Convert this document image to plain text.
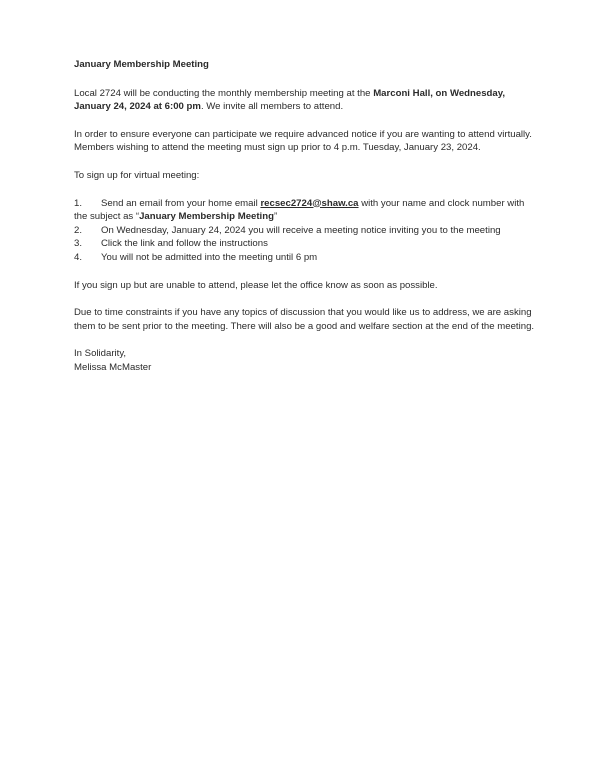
January Membership Meeting

Local 2724 will be conducting the monthly membership meeting at the Marconi Hall, on Wednesday, January 24, 2024 at 6:00 pm. We invite all members to attend.

In order to ensure everyone can participate we require advanced notice if you are wanting to attend virtually. Members wishing to attend the meeting must sign up prior to 4 p.m. Tuesday, January 23, 2024.

To sign up for virtual meeting:

1. Send an email from your home email recsec2724@shaw.ca with your name and clock number with the subject as “January Membership Meeting”
2. On Wednesday, January 24, 2024 you will receive a meeting notice inviting you to the meeting
3. Click the link and follow the instructions
4. You will not be admitted into the meeting until 6 pm

If you sign up but are unable to attend, please let the office know as soon as possible.

Due to time constraints if you have any topics of discussion that you would like us to address, we are asking them to be sent prior to the meeting. There will also be a good and welfare section at the end of the meeting.

In Solidarity,
Melissa McMaster
